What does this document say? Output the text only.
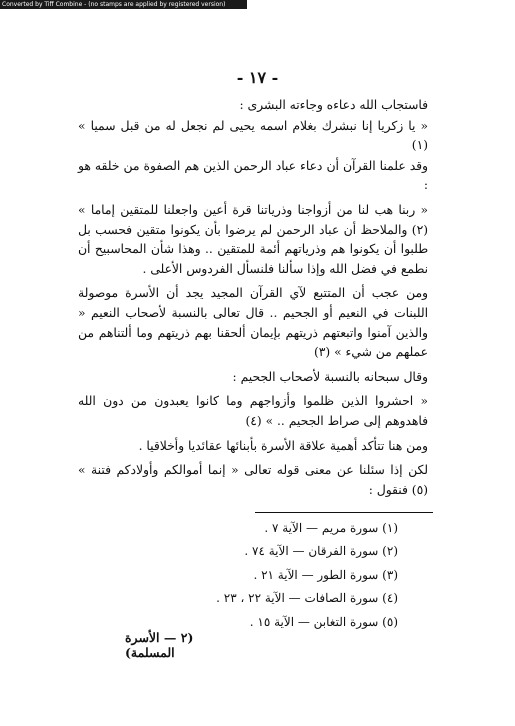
Converted by Tiff Combine - (no stamps are applied by registered version)
- ١٧ -

فاستجاب الله دعاءه وجاءته البشرى :

« يا زكريا إنا نبشرك بغلام اسمه يحيى لم نجعل له من قبل سميا » (١)

وقد علمنا القرآن أن دعاء عباد الرحمن الذين هم الصفوة من خلقه هو :

« ربنا هب لنا من أزواجنا وذرياتنا قرة أعين واجعلنا للمتقين إماما » (٢) والملاحظ أن عباد الرحمن لم يرضوا بأن يكونوا متقين فحسب بل طلبوا أن يكونوا هم وذرياتهم أئمة للمتقين .. وهذا شأن المحاسبيح أن نطمع في فضل الله وإذا سألنا فلنسأل الفردوس الأعلى .

ومن عجب أن المتتبع لآي القرآن المجيد يجد أن الأسرة موصولة اللبنات في النعيم أو الجحيم .. قال تعالى بالنسبة لأصحاب النعيم « والذين آمنوا واتبعتهم ذريتهم بإيمان ألحقنا بهم ذريتهم وما ألتناهم من عملهم من شيء » (٣)

وقال سبحانه بالنسبة لأصحاب الجحيم :

« احشروا الذين ظلموا وأزواجهم وما كانوا يعبدون من دون الله فاهدوهم إلى صراط الجحيم .. » (٤)

ومن هنا تتأكد أهمية علاقة الأسرة بأبنائها عقائديا وأخلاقيا .

لكن إذا سئلنا عن معنى قوله تعالى « إنما أموالكم وأولادكم فتنة » (٥) فنقول :

(١) سورة مريم — الآية ٧ .
(٢) سورة الفرقان — الآية ٧٤ .
(٣) سورة الطور — الآية ٢١ .
(٤) سورة الصافات — الآية ٢٢ ، ٢٣ .
(٥) سورة التغابن — الآية ١٥ .
(٢ — الأسرة المسلمة)
